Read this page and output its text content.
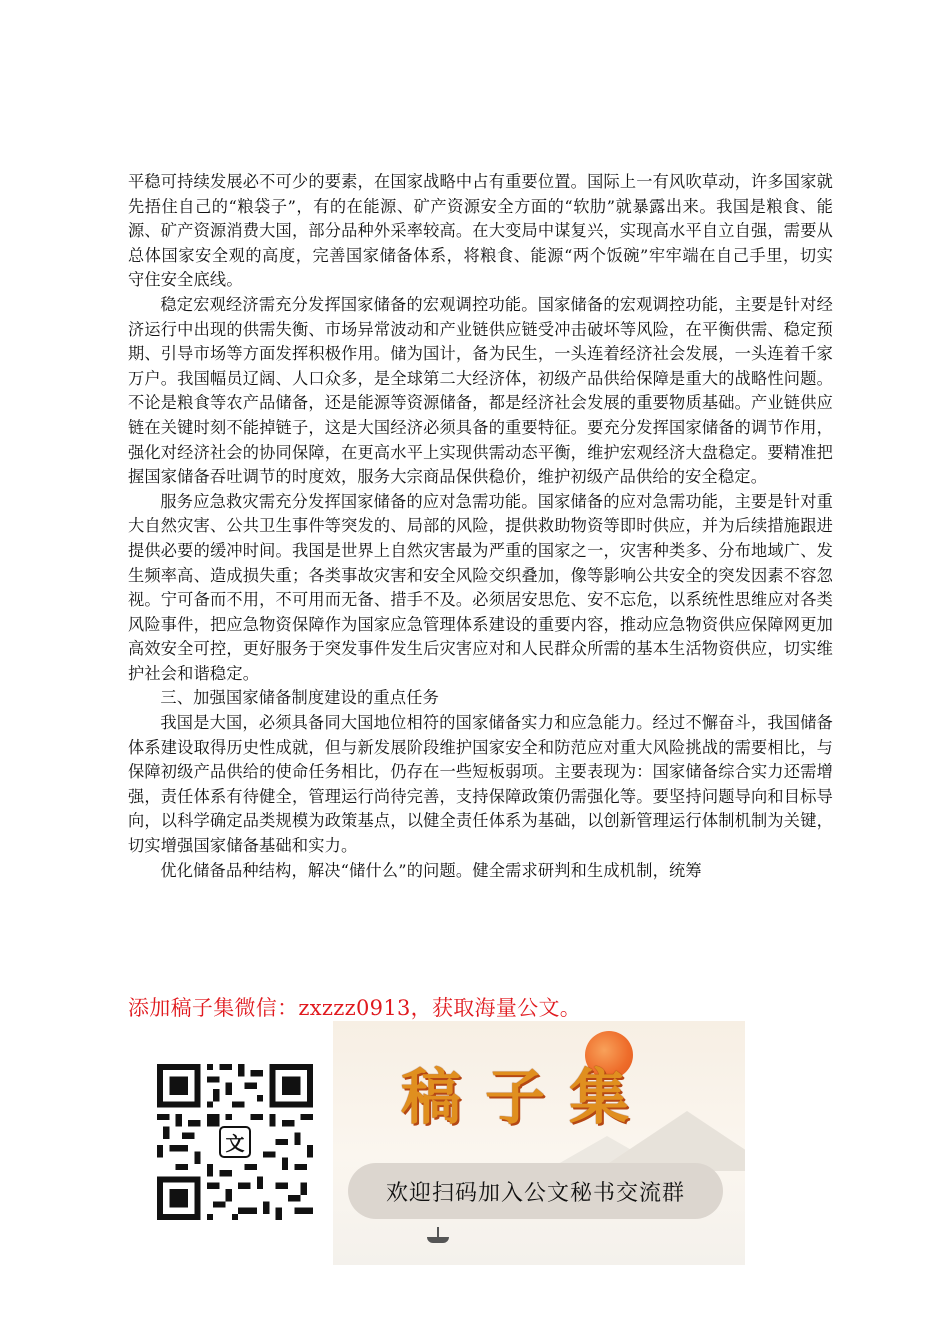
平稳可持续发展必不可少的要素，在国家战略中占有重要位置。国际上一有风吹草动，许多国家就先捂住自己的“粮袋子”，有的在能源、矿产资源安全方面的“软肋”就暴露出来。我国是粮食、能源、矿产资源消费大国，部分品种外采率较高。在大变局中谋复兴，实现高水平自立自强，需要从总体国家安全观的高度，完善国家储备体系，将粮食、能源“两个饭碗”牢牢端在自己手里，切实守住安全底线。

稳定宏观经济需充分发挥国家储备的宏观调控功能。国家储备的宏观调控功能，主要是针对经济运行中出现的供需失衡、市场异常波动和产业链供应链受冲击破坏等风险，在平衡供需、稳定预期、引导市场等方面发挥积极作用。储为国计，备为民生，一头连着经济社会发展，一头连着千家万户。我国幅员辽阔、人口众多，是全球第二大经济体，初级产品供给保障是重大的战略性问题。不论是粮食等农产品储备，还是能源等资源储备，都是经济社会发展的重要物质基础。产业链供应链在关键时刻不能掉链子，这是大国经济必须具备的重要特征。要充分发挥国家储备的调节作用，强化对经济社会的协同保障，在更高水平上实现供需动态平衡，维护宏观经济大盘稳定。要精准把握国家储备吞吐调节的时度效，服务大宗商品保供稳价，维护初级产品供给的安全稳定。

服务应急救灾需充分发挥国家储备的应对急需功能。国家储备的应对急需功能，主要是针对重大自然灾害、公共卫生事件等突发的、局部的风险，提供救助物资等即时供应，并为后续措施跟进提供必要的缓冲时间。我国是世界上自然灾害最为严重的国家之一，灾害种类多、分布地域广、发生频率高、造成损失重；各类事故灾害和安全风险交织叠加，像等影响公共安全的突发因素不容忽视。宁可备而不用，不可用而无备、措手不及。必须居安思危、安不忘危，以系统性思维应对各类风险事件，把应急物资保障作为国家应急管理体系建设的重要内容，推动应急物资供应保障网更加高效安全可控，更好服务于突发事件发生后灾害应对和人民群众所需的基本生活物资供应，切实维护社会和谐稳定。

三、加强国家储备制度建设的重点任务

我国是大国，必须具备同大国地位相符的国家储备实力和应急能力。经过不懈奋斗，我国储备体系建设取得历史性成就，但与新发展阶段维护国家安全和防范应对重大风险挑战的需要相比，与保障初级产品供给的使命任务相比，仍存在一些短板弱项。主要表现为：国家储备综合实力还需增强，责任体系有待健全，管理运行尚待完善，支持保障政策仍需强化等。要坚持问题导向和目标导向，以科学确定品类规模为政策基点，以健全责任体系为基础，以创新管理运行体制机制为关键，切实增强国家储备基础和实力。

优化储备品种结构，解决“储什么”的问题。健全需求研判和生成机制，统筹

添加稿子集微信：zxzzz0913，获取海量公文。
文
稿子集
欢迎扫码加入公文秘书交流群
